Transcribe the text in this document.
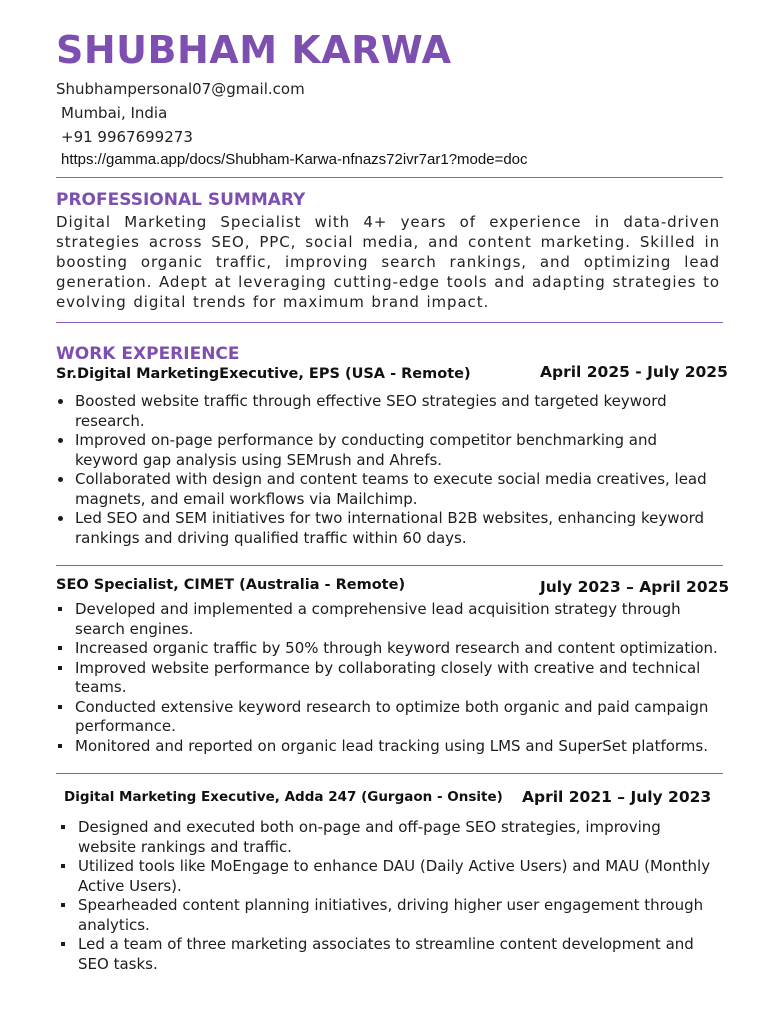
SHUBHAM KARWA
Shubhampersonal07@gmail.com
Mumbai, India
+91 9967699273
https://gamma.app/docs/Shubham-Karwa-nfnazs72ivr7ar1?mode=doc
PROFESSIONAL SUMMARY
Digital Marketing Specialist with 4+ years of experience in data-driven strategies across SEO, PPC, social media, and content marketing. Skilled in boosting organic traffic, improving search rankings, and optimizing lead generation. Adept at leveraging cutting-edge tools and adapting strategies to evolving digital trends for maximum brand impact.
WORK EXPERIENCE
Sr.Digital MarketingExecutive, EPS (USA - Remote)	April 2025 - July 2025
Boosted website traffic through effective SEO strategies and targeted keyword research.
Improved on-page performance by conducting competitor benchmarking and keyword gap analysis using SEMrush and Ahrefs.
Collaborated with design and content teams to execute social media creatives, lead magnets, and email workflows via Mailchimp.
Led SEO and SEM initiatives for two international B2B websites, enhancing keyword rankings and driving qualified traffic within 60 days.
SEO Specialist, CIMET (Australia - Remote)	July 2023 – April 2025
Developed and implemented a comprehensive lead acquisition strategy through search engines.
Increased organic traffic by 50% through keyword research and content optimization.
Improved website performance by collaborating closely with creative and technical teams.
Conducted extensive keyword research to optimize both organic and paid campaign performance.
Monitored and reported on organic lead tracking using LMS and SuperSet platforms.
Digital Marketing Executive, Adda 247 (Gurgaon - Onsite) April 2021 – July 2023
Designed and executed both on-page and off-page SEO strategies, improving website rankings and traffic.
Utilized tools like MoEngage to enhance DAU (Daily Active Users) and MAU (Monthly Active Users).
Spearheaded content planning initiatives, driving higher user engagement through analytics.
Led a team of three marketing associates to streamline content development and SEO tasks.
